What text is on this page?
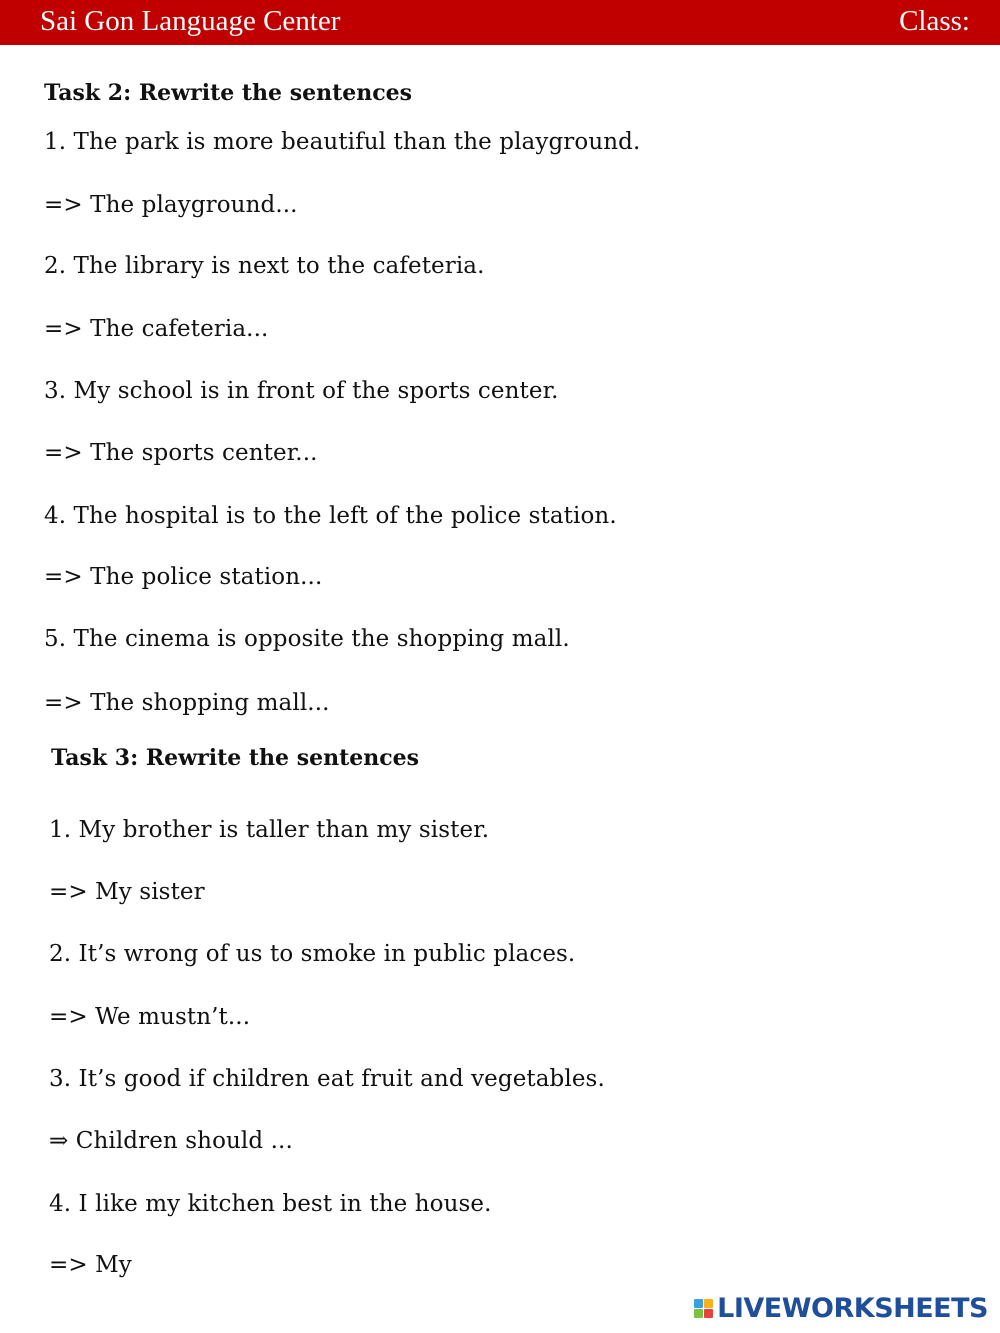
Sai Gon Language Center	Class:
Task 2: Rewrite the sentences
1. The park is more beautiful than the playground.
=> The playground...
2. The library is next to the cafeteria.
=> The cafeteria...
3. My school is in front of the sports center.
=> The sports center...
4. The hospital is to the left of the police station.
=> The police station...
5. The cinema is opposite the shopping mall.
=> The shopping mall...
Task 3: Rewrite the sentences
1. My brother is taller than my sister.
=> My sister
2. It’s wrong of us to smoke in public places.
=> We mustn’t...
3. It’s good if children eat fruit and vegetables.
⇒ Children should ...
4. I like my kitchen best in the house.
=> My
LIVEWORKSHEETS
